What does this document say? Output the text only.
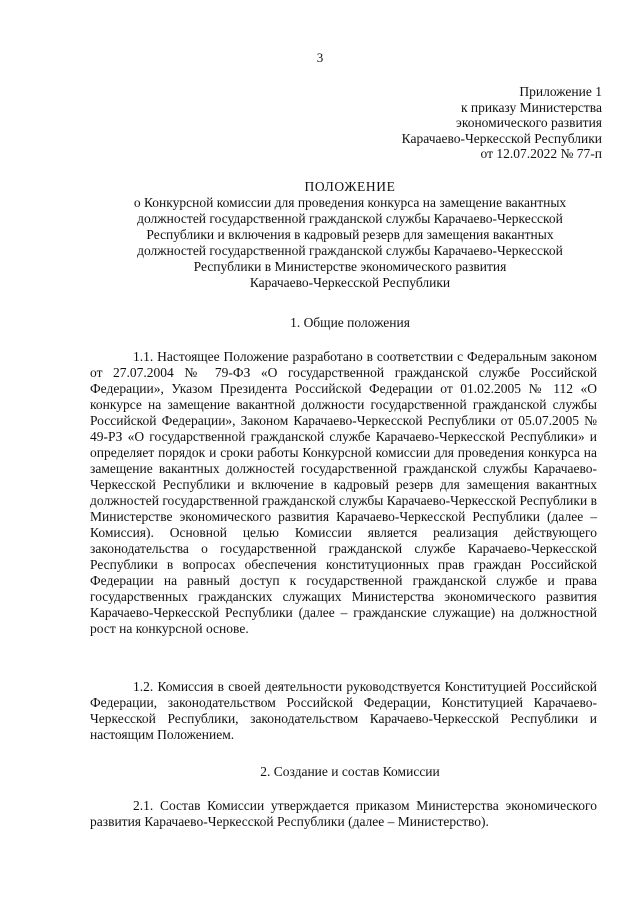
3
Приложение 1
к приказу Министерства
экономического развития
Карачаево-Черкесской Республики
от 12.07.2022 № 77-п
ПОЛОЖЕНИЕ
о Конкурсной комиссии для проведения конкурса на замещение вакантных
должностей государственной гражданской службы Карачаево-Черкесской
Республики и включения в кадровый резерв для замещения вакантных
должностей государственной гражданской службы Карачаево-Черкесской
Республики в Министерстве экономического развития
Карачаево-Черкесской Республики
1. Общие положения

1.1. Настоящее Положение разработано в соответствии с Федеральным законом от 27.07.2004 № 79-ФЗ «О государственной гражданской службе Российской Федерации», Указом Президента Российской Федерации от 01.02.2005 № 112 «О конкурсе на замещение вакантной должности государственной гражданской службы Российской Федерации», Законом Карачаево-Черкесской Республики от 05.07.2005 № 49-РЗ «О государственной гражданской службе Карачаево-Черкесской Республики» и определяет порядок и сроки работы Конкурсной комиссии для проведения конкурса на замещение вакантных должностей государственной гражданской службы Карачаево-Черкесской Республики и включение в кадровый резерв для замещения вакантных должностей государственной гражданской службы Карачаево-Черкесской Республики в Министерстве экономического развития Карачаево-Черкесской Республики (далее – Комиссия). Основной целью Комиссии является реализация действующего законодательства о государственной гражданской службе Карачаево-Черкесской Республики в вопросах обеспечения конституционных прав граждан Российской Федерации на равный доступ к государственной гражданской службе и права государственных гражданских служащих Министерства экономического развития Карачаево-Черкесской Республики (далее – гражданские служащие) на должностной рост на конкурсной основе.

1.2. Комиссия в своей деятельности руководствуется Конституцией Российской Федерации, законодательством Российской Федерации, Конституцией Карачаево-Черкесской Республики, законодательством Карачаево-Черкесской Республики и настоящим Положением.

2. Создание и состав Комиссии

2.1. Состав Комиссии утверждается приказом Министерства экономического развития Карачаево-Черкесской Республики (далее – Министерство).
